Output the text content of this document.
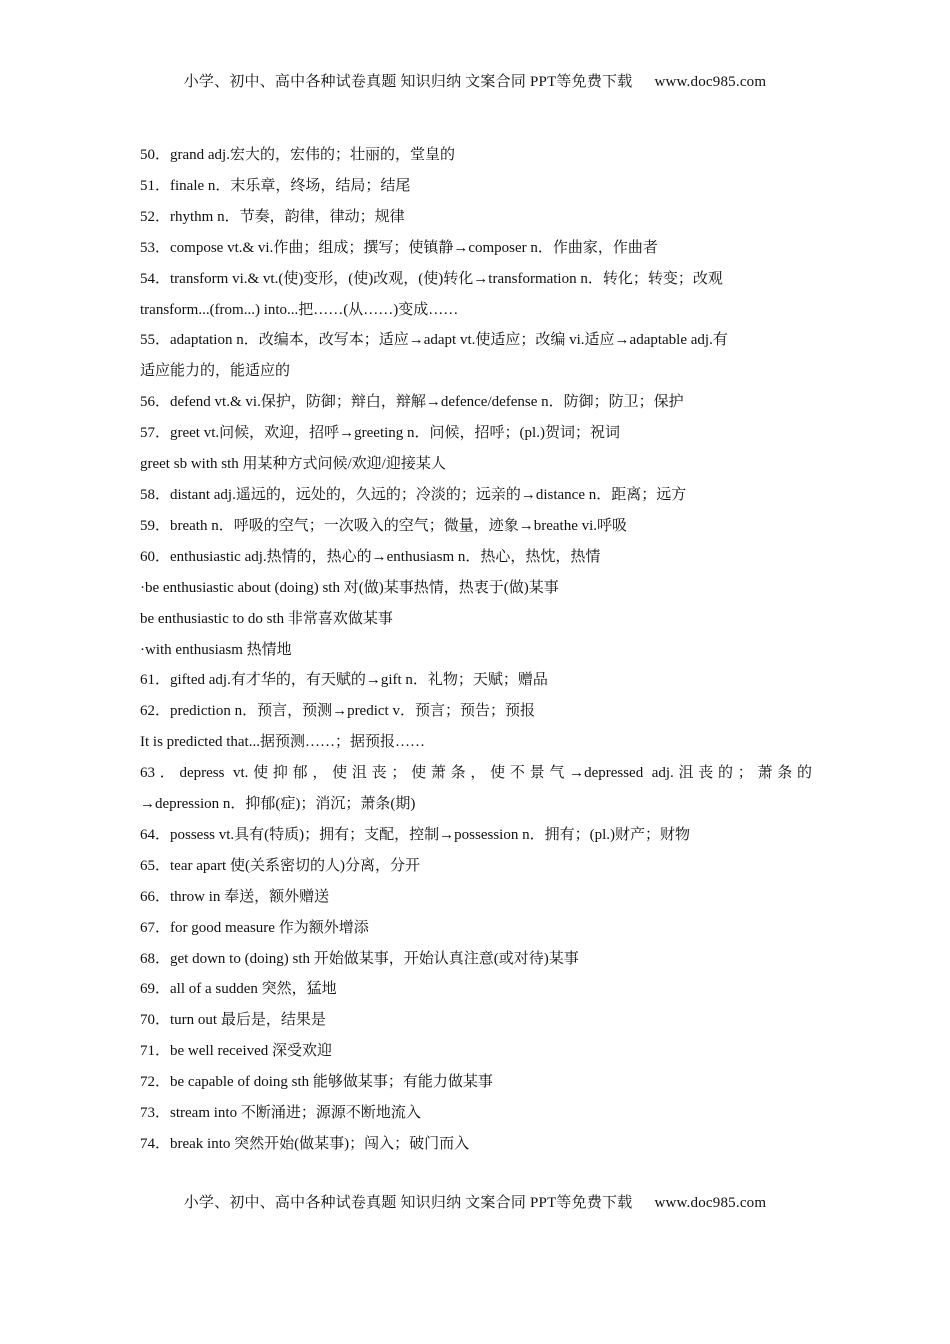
小学、初中、高中各种试卷真题 知识归纳 文案合同 PPT等免费下载 www.doc985.com
50．grand adj.宏大的，宏伟的；壮丽的，堂皇的
51．finale n．末乐章，终场，结局；结尾
52．rhythm n．节奏，韵律，律动；规律
53．compose vt.& vi.作曲；组成；撰写；使镇静→composer n．作曲家，作曲者
54．transform vi.& vt.(使)变形，(使)改观，(使)转化→transformation n．转化；转变；改观
transform...(from...) into...把……(从……)变成……
55．adaptation n．改编本，改写本；适应→adapt vt.使适应；改编 vi.适应→adaptable adj.有
适应能力的，能适应的
56．defend vt.& vi.保护，防御；辩白，辩解→defence/defense n．防御；防卫；保护
57．greet vt.问候，欢迎，招呼→greeting n．问候，招呼；(pl.)贺词；祝词
greet sb with sth 用某种方式问候/欢迎/迎接某人
58．distant adj.遥远的，远处的，久远的；冷淡的；远亲的→distance n．距离；远方
59．breath n．呼吸的空气；一次吸入的空气；微量，迹象→breathe vi.呼吸
60．enthusiastic adj.热情的，热心的→enthusiasm n．热心，热忱，热情
·be enthusiastic about (doing) sth 对(做)某事热情，热衷于(做)某事
be enthusiastic to do sth 非常喜欢做某事
·with enthusiasm 热情地
61．gifted adj.有才华的，有天赋的→gift n．礼物；天赋；赠品
62．prediction n．预言，预测→predict v．预言；预告；预报
It is predicted that...据预测……；据预报……
63．depress vt.使抑郁，使沮丧；使萧条，使不景气→depressed adj.沮丧的；萧条的
→depression n．抑郁(症)；消沉；萧条(期)
64．possess vt.具有(特质)；拥有；支配，控制→possession n．拥有；(pl.)财产；财物
65．tear apart 使(关系密切的人)分离，分开
66．throw in 奉送，额外赠送
67．for good measure 作为额外增添
68．get down to (doing) sth 开始做某事，开始认真注意(或对待)某事
69．all of a sudden 突然，猛地
70．turn out 最后是，结果是
71．be well received 深受欢迎
72．be capable of doing sth 能够做某事；有能力做某事
73．stream into 不断涌进；源源不断地流入
74．break into 突然开始(做某事)；闯入；破门而入
小学、初中、高中各种试卷真题 知识归纳 文案合同 PPT等免费下载 www.doc985.com
